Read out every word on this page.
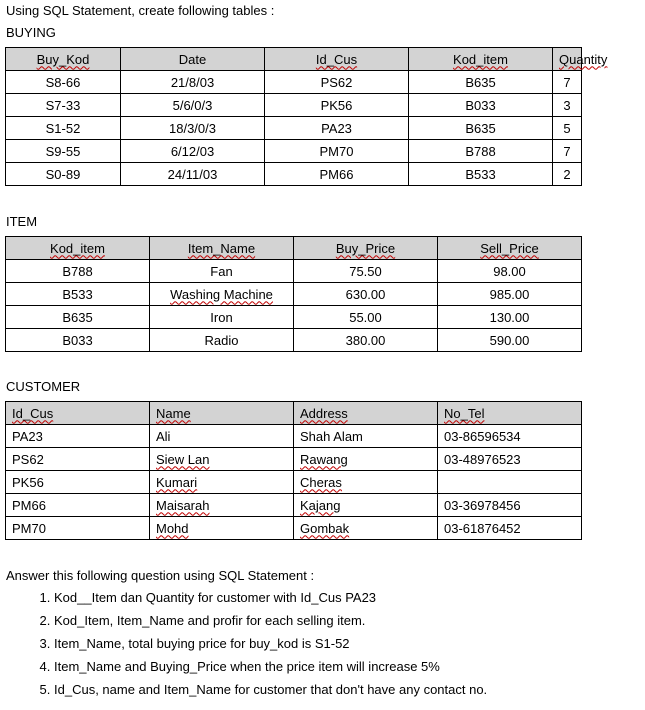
Using SQL Statement, create following tables :
BUYING
Buy_Kod	Date	Id_Cus	Kod_item	Quantity
S8-66	21/8/03	PS62	B635	7
S7-33	5/6/0/3	PK56	B033	3
S1-52	18/3/0/3	PA23	B635	5
S9-55	6/12/03	PM70	B788	7
S0-89	24/11/03	PM66	B533	2
ITEM
Kod_item	Item_Name	Buy_Price	Sell_Price
B788	Fan	75.50	98.00
B533	Washing Machine	630.00	985.00
B635	Iron	55.00	130.00
B033	Radio	380.00	590.00
CUSTOMER
Id_Cus	Name	Address	No_Tel
PA23	Ali	Shah Alam	03-86596534
PS62	Siew Lan	Rawang	03-48976523
PK56	Kumari	Cheras	
PM66	Maisarah	Kajang	03-36978456
PM70	Mohd	Gombak	03-61876452
Answer this following question using SQL Statement :
1. Kod__Item dan Quantity for customer with Id_Cus PA23
2. Kod_Item, Item_Name and profir for each selling item.
3. Item_Name, total buying price for buy_kod is S1-52
4. Item_Name and Buying_Price when the price item will increase 5%
5. Id_Cus, name and Item_Name for customer that don't have any contact no.
